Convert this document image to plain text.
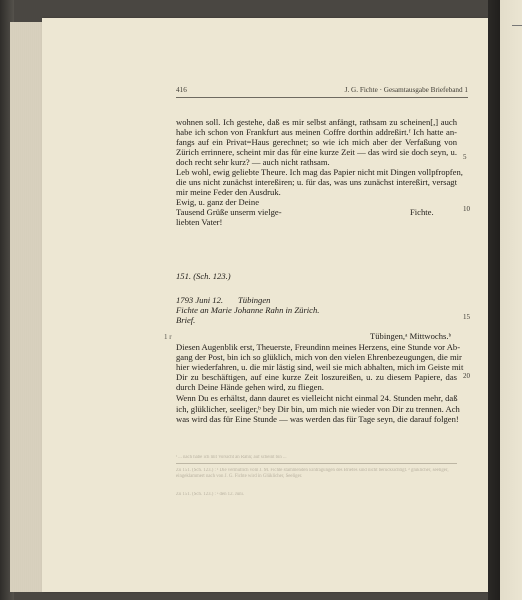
416	J. G. Fichte · Gesamtausgabe Briefeband 1
wohnen soll. Ich gestehe, daß es mir selbst anfängt, rathsam zu scheinen[,] auch
habe ich schon von Frankfurt aus meinen Coffre dorthin addreßirt.ᶠ Ich hatte an-
fangs auf ein Privat=Haus gerechnet; so wie ich mich aber der Verfaßung von
Zürich errinnere, scheint mir das für eine kurze Zeit — das wird sie doch seyn, u.
doch recht sehr kurz? — auch nicht rathsam.
Leb wohl, ewig geliebte Theure. Ich mag das Papier nicht mit Dingen vollpfropfen,
die uns nicht zunächst intereßiren; u. für das, was uns zunächst intereßirt, versagt
mir meine Feder den Ausdruk.
Ewig, u. ganz der Deine
Tausend Grüße unserm vielge-
liebten Vater!
Fichte.
151. (Sch. 123.)
1793 Juni 12. Tübingen
Fichte an Marie Johanne Rahn in Zürich.
Brief.
Tübingen,ᵃ Mittwochs.ᵇ
Diesen Augenblik erst, Theuerste, Freundinn meines Herzens, eine Stunde vor Ab-
gang der Post, bin ich so glüklich, mich von den vielen Ehrenbezeugungen, die mir
hier wiederfahren, u. die mir lästig sind, weil sie mich abhalten, mich im Geiste mit
Dir zu beschäftigen, auf eine kurze Zeit loszureißen, u. zu diesem Papiere, das
durch Deine Hände gehen wird, zu fliegen.
Wenn Du es erhältst, dann dauret es vielleicht nicht einmal 24. Stunden mehr, daß
ich, glüklicher, seeliger,ᵇ bey Dir bin, um mich nie wieder von Dir zu trennen. Ach
was wird das für Eine Stunde — was werden das für Tage seyn, die darauf folgen!
5
10
15
20
1 r
ᶠ ... nach habe ich mit Vorsicht an Rahn; auf scheint bin ...
Zu 151. (Sch. 123.) : ¹ Die vermutlich vom J. M. Fichte stammenden Eintragungen des Briefes sind nicht berücksichtigt. ² glüklicher, seeliger, eingeklammert nach von J. G. Fichte wird in Glüklicher, Seeliger.
Zu 151. (Sch. 123.) : ᵃ den 12. Juni.
